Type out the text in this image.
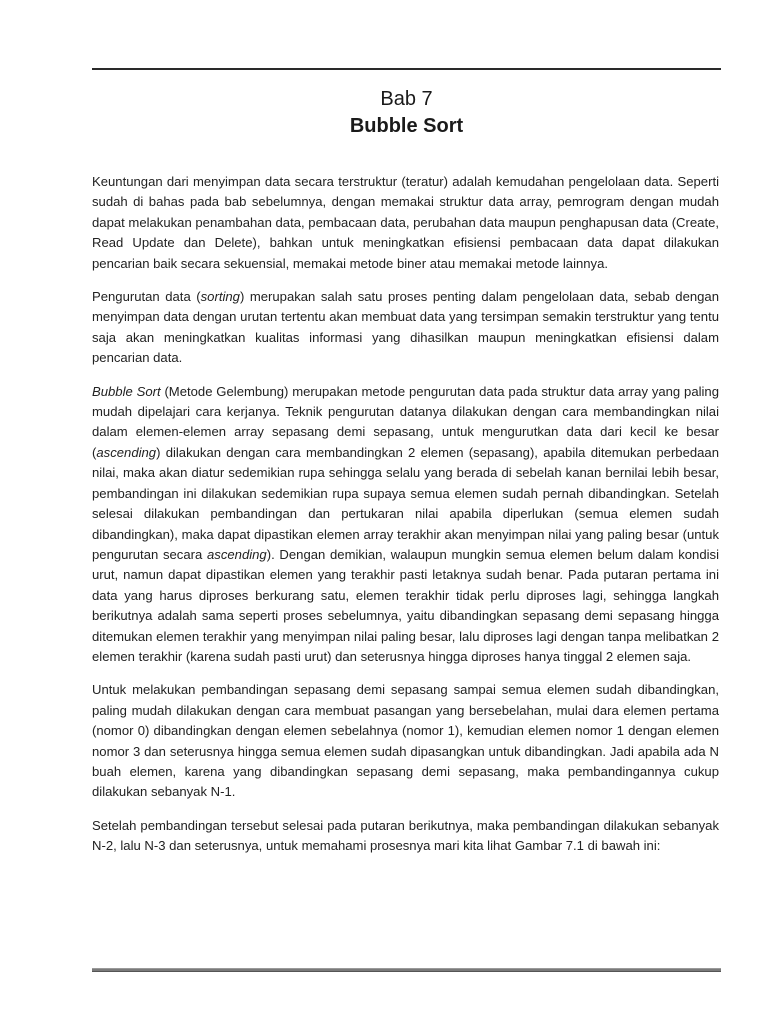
Bab 7
Bubble Sort

Keuntungan dari menyimpan data secara terstruktur (teratur) adalah kemudahan pengelolaan data. Seperti sudah di bahas pada bab sebelumnya, dengan memakai struktur data array, pemrogram dengan mudah dapat melakukan penambahan data, pembacaan data, perubahan data maupun penghapusan data (Create, Read Update dan Delete), bahkan untuk meningkatkan efisiensi pembacaan data dapat dilakukan pencarian baik secara sekuensial, memakai metode biner atau memakai metode lainnya.

Pengurutan data (sorting) merupakan salah satu proses penting dalam pengelolaan data, sebab dengan menyimpan data dengan urutan tertentu akan membuat data yang tersimpan semakin terstruktur yang tentu saja akan meningkatkan kualitas informasi yang dihasilkan maupun meningkatkan efisiensi dalam pencarian data.

Bubble Sort (Metode Gelembung) merupakan metode pengurutan data pada struktur data array yang paling mudah dipelajari cara kerjanya. Teknik pengurutan datanya dilakukan dengan cara membandingkan nilai dalam elemen-elemen array sepasang demi sepasang, untuk mengurutkan data dari kecil ke besar (ascending) dilakukan dengan cara membandingkan 2 elemen (sepasang), apabila ditemukan perbedaan nilai, maka akan diatur sedemikian rupa sehingga selalu yang berada di sebelah kanan bernilai lebih besar, pembandingan ini dilakukan sedemikian rupa supaya semua elemen sudah pernah dibandingkan. Setelah selesai dilakukan pembandingan dan pertukaran nilai apabila diperlukan (semua elemen sudah dibandingkan), maka dapat dipastikan elemen array terakhir akan menyimpan nilai yang paling besar (untuk pengurutan secara ascending). Dengan demikian, walaupun mungkin semua elemen belum dalam kondisi urut, namun dapat dipastikan elemen yang terakhir pasti letaknya sudah benar. Pada putaran pertama ini data yang harus diproses berkurang satu, elemen terakhir tidak perlu diproses lagi, sehingga langkah berikutnya adalah sama seperti proses sebelumnya, yaitu dibandingkan sepasang demi sepasang hingga ditemukan elemen terakhir yang menyimpan nilai paling besar, lalu diproses lagi dengan tanpa melibatkan 2 elemen terakhir (karena sudah pasti urut) dan seterusnya hingga diproses hanya tinggal 2 elemen saja.

Untuk melakukan pembandingan sepasang demi sepasang sampai semua elemen sudah dibandingkan, paling mudah dilakukan dengan cara membuat pasangan yang bersebelahan, mulai dara elemen pertama (nomor 0) dibandingkan dengan elemen sebelahnya (nomor 1), kemudian elemen nomor 1 dengan elemen nomor 3 dan seterusnya hingga semua elemen sudah dipasangkan untuk dibandingkan. Jadi apabila ada N buah elemen, karena yang dibandingkan sepasang demi sepasang, maka pembandingannya cukup dilakukan sebanyak N-1.

Setelah pembandingan tersebut selesai pada putaran berikutnya, maka pembandingan dilakukan sebanyak N-2, lalu N-3 dan seterusnya, untuk memahami prosesnya mari kita lihat Gambar 7.1 di bawah ini:
